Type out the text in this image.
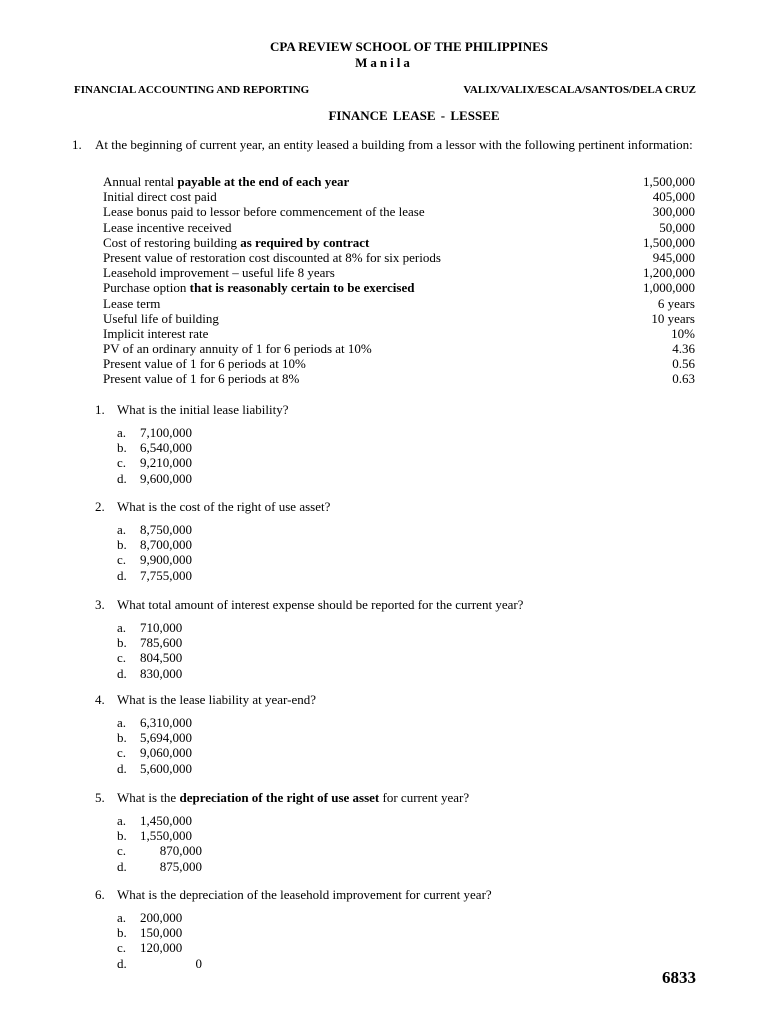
CPA REVIEW SCHOOL OF THE PHILIPPINES
Manila
FINANCIAL ACCOUNTING AND REPORTING	VALIX/VALIX/ESCALA/SANTOS/DELA CRUZ
FINANCE LEASE - LESSEE
1. At the beginning of current year, an entity leased a building from a lessor with the following pertinent information:
Annual rental payable at the end of each year	1,500,000
Initial direct cost paid	405,000
Lease bonus paid to lessor before commencement of the lease	300,000
Lease incentive received	50,000
Cost of restoring building as required by contract	1,500,000
Present value of restoration cost discounted at 8% for six periods	945,000
Leasehold improvement – useful life 8 years	1,200,000
Purchase option that is reasonably certain to be exercised	1,000,000
Lease term	6 years
Useful life of building	10 years
Implicit interest rate	10%
PV of an ordinary annuity of 1 for 6 periods at 10%	4.36
Present value of 1 for 6 periods at 10%	0.56
Present value of 1 for 6 periods at 8%	0.63
1. What is the initial lease liability?
a.	7,100,000
b.	6,540,000
c.	9,210,000
d.	9,600,000
2. What is the cost of the right of use asset?
a.	8,750,000
b.	8,700,000
c.	9,900,000
d.	7,755,000
3. What total amount of interest expense should be reported for the current year?
a.	710,000
b.	785,600
c.	804,500
d.	830,000
4. What is the lease liability at year-end?
a.	6,310,000
b.	5,694,000
c.	9,060,000
d.	5,600,000
5. What is the depreciation of the right of use asset for current year?
a.	1,450,000
b.	1,550,000
c.	870,000
d.	875,000
6. What is the depreciation of the leasehold improvement for current year?
a.	200,000
b.	150,000
c.	120,000
d.	0
6833
